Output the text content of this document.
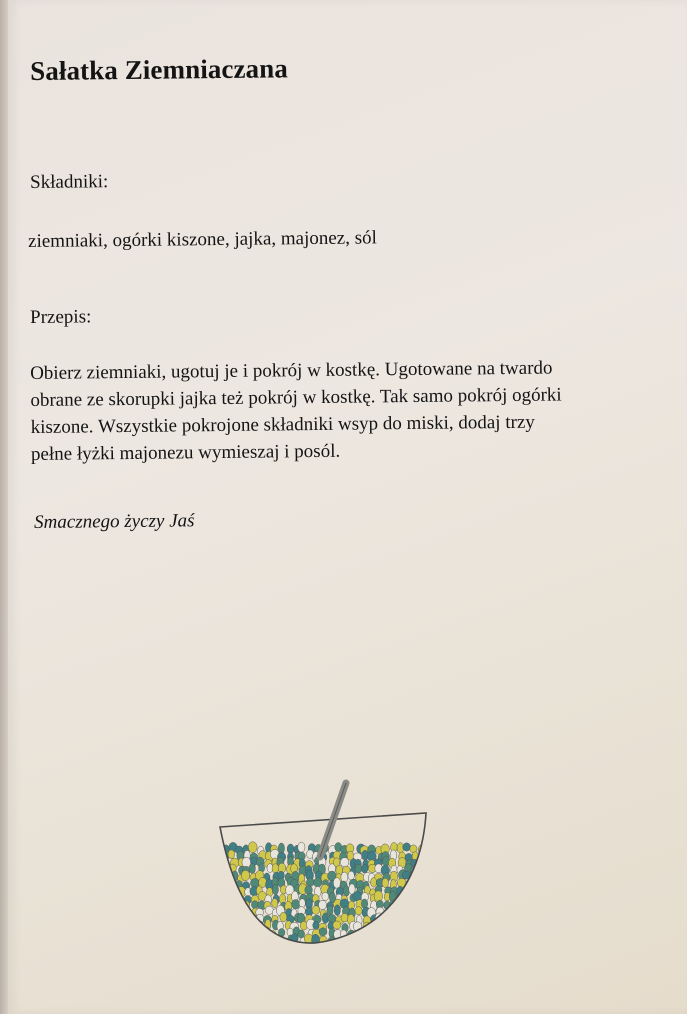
Sałatka Ziemniaczana
Składniki:
ziemniaki, ogórki kiszone, jajka, majonez, sól
Przepis:
Obierz ziemniaki, ugotuj je i pokrój w kostkę. Ugotowane na twardo
obrane ze skorupki jajka też pokrój w kostkę. Tak samo pokrój ogórki
kiszone. Wszystkie pokrojone składniki wsyp do miski, dodaj trzy
pełne łyżki majonezu wymieszaj i posól.
Smacznego życzy Jaś
